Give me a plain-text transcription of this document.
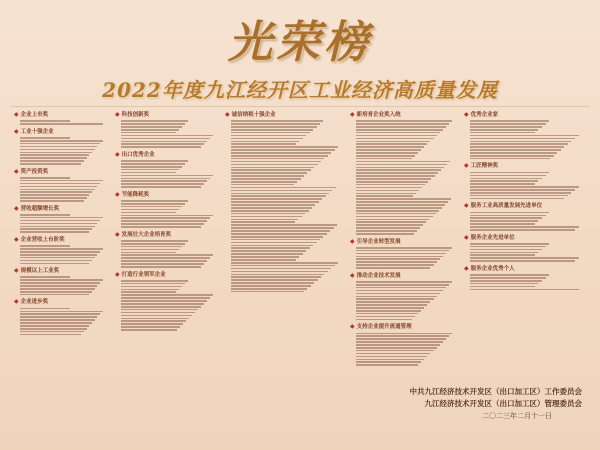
光荣榜
2022年度九江经开区工业经济高质量发展
◆ 企业上市奖
◆ 工业十强企业
◆ 资产投资奖
◆ 营收超额增长奖
◆ 企业营收上台阶奖
◆ 规模以上工业奖
◆ 企业进步奖
◆ 科技创新奖
◆ 出口优秀企业
◆ 节能降耗奖
◆ 发展壮大企业培育奖
◆ 打造行业领军企业
◆ 诚信纳税十强企业	◆ 新培育企业奖入统
◆ 引导企业转型发展
◆ 推动企业技术发展
◆ 支持企业提升流通管理
◆ 优秀企业家
◆ 工匠精神奖
◆ 服务工业高质量发展先进单位
◆ 服务企业先进单位
◆ 服务企业优秀个人
中共九江经济技术开发区（出口加工区）工作委员会
九江经济技术开发区（出口加工区）管理委员会
二〇二三年二月十一日
